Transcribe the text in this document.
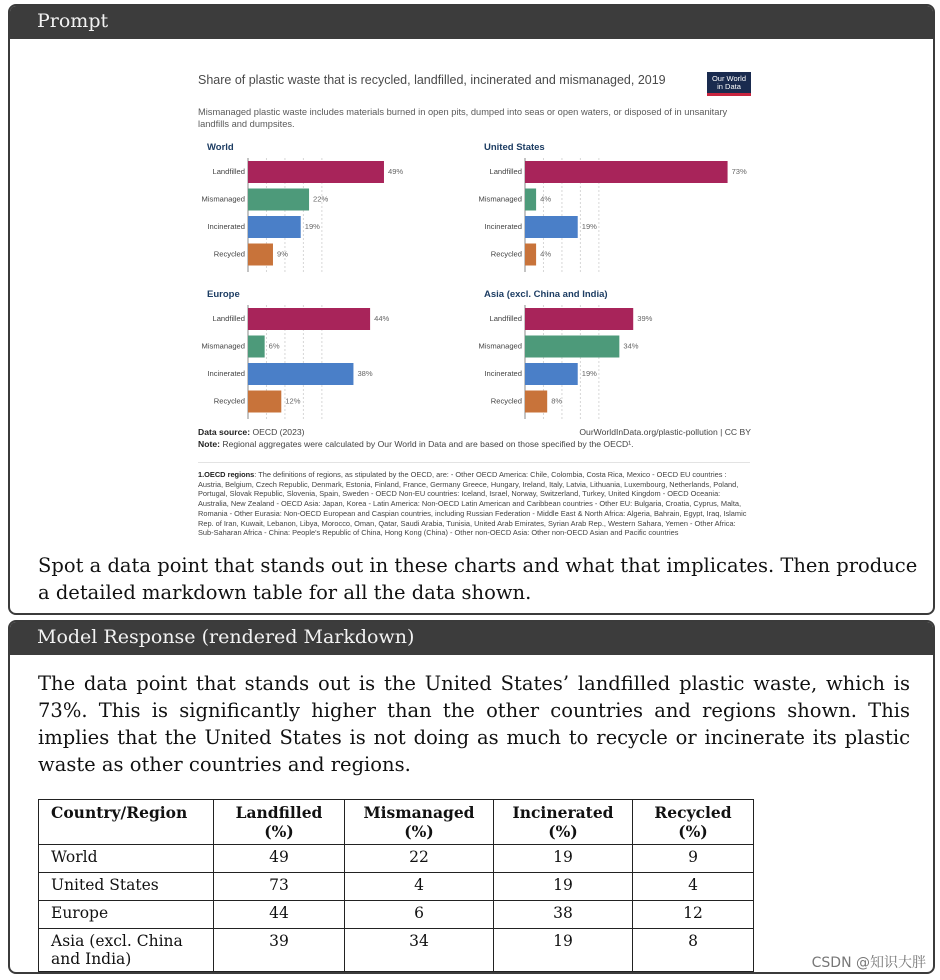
Prompt
Share of plastic waste that is recycled, landfilled, incinerated and mismanaged, 2019
Mismanaged plastic waste includes materials burned in open pits, dumped into seas or open waters, or disposed of in unsanitary landfills and dumpsites.
Our World
in Data
World
Landfilled	49%
Mismanaged	22%
Incinerated	19%
Recycled	9%
United States
Landfilled	73%
Mismanaged 4%
Incinerated	19%
Recycled 4%
Europe
Landfilled	44%
Mismanaged	6%
Incinerated	38%
Recycled	12%
Asia (excl. China and India)
Landfilled	39%
Mismanaged	34%
Incinerated	19%
Recycled	8%
Data source: OECD (2023)	OurWorldInData.org/plastic-pollution | CC BY
Note: Regional aggregates were calculated by Our World in Data and are based on those specified by the OECD¹.
1.OECD regions: The definitions of regions, as stipulated by the OECD, are: - Other OECD America: Chile, Colombia, Costa Rica, Mexico - OECD EU countries : Austria, Belgium, Czech Republic, Denmark, Estonia, Finland, France, Germany Greece, Hungary, Ireland, Italy, Latvia, Lithuania, Luxembourg, Netherlands, Poland, Portugal, Slovak Republic, Slovenia, Spain, Sweden - OECD Non-EU countries: Iceland, Israel, Norway, Switzerland, Turkey, United Kingdom - OECD Oceania: Australia, New Zealand - OECD Asia: Japan, Korea - Latin America: Non-OECD Latin American and Caribbean countries - Other EU: Bulgaria, Croatia, Cyprus, Malta, Romania - Other Eurasia: Non-OECD European and Caspian countries, including Russian Federation - Middle East & North Africa: Algeria, Bahrain, Egypt, Iraq, Islamic Rep. of Iran, Kuwait, Lebanon, Libya, Morocco, Oman, Qatar, Saudi Arabia, Tunisia, United Arab Emirates, Syrian Arab Rep., Western Sahara, Yemen - Other Africa: Sub-Saharan Africa - China: People's Republic of China, Hong Kong (China) - Other non-OECD Asia: Other non-OECD Asian and Pacific countries
Spot a data point that stands out in these charts and what that implicates. Then produce a detailed markdown table for all the data shown.
Model Response (rendered Markdown)
The data point that stands out is the United States’ landfilled plastic waste, which is 73%. This is significantly higher than the other countries and regions shown. This implies that the United States is not doing as much to recycle or incinerate its plastic waste as other countries and regions.
Country/Region	Landfilled (%)	Mismanaged (%)	Incinerated (%)	Recycled (%)
World	49	22	19	9
United States	73	4	19	4
Europe	44	6	38	12
Asia (excl. China and India)	39	34	19	8
CSDN @知识大胖
